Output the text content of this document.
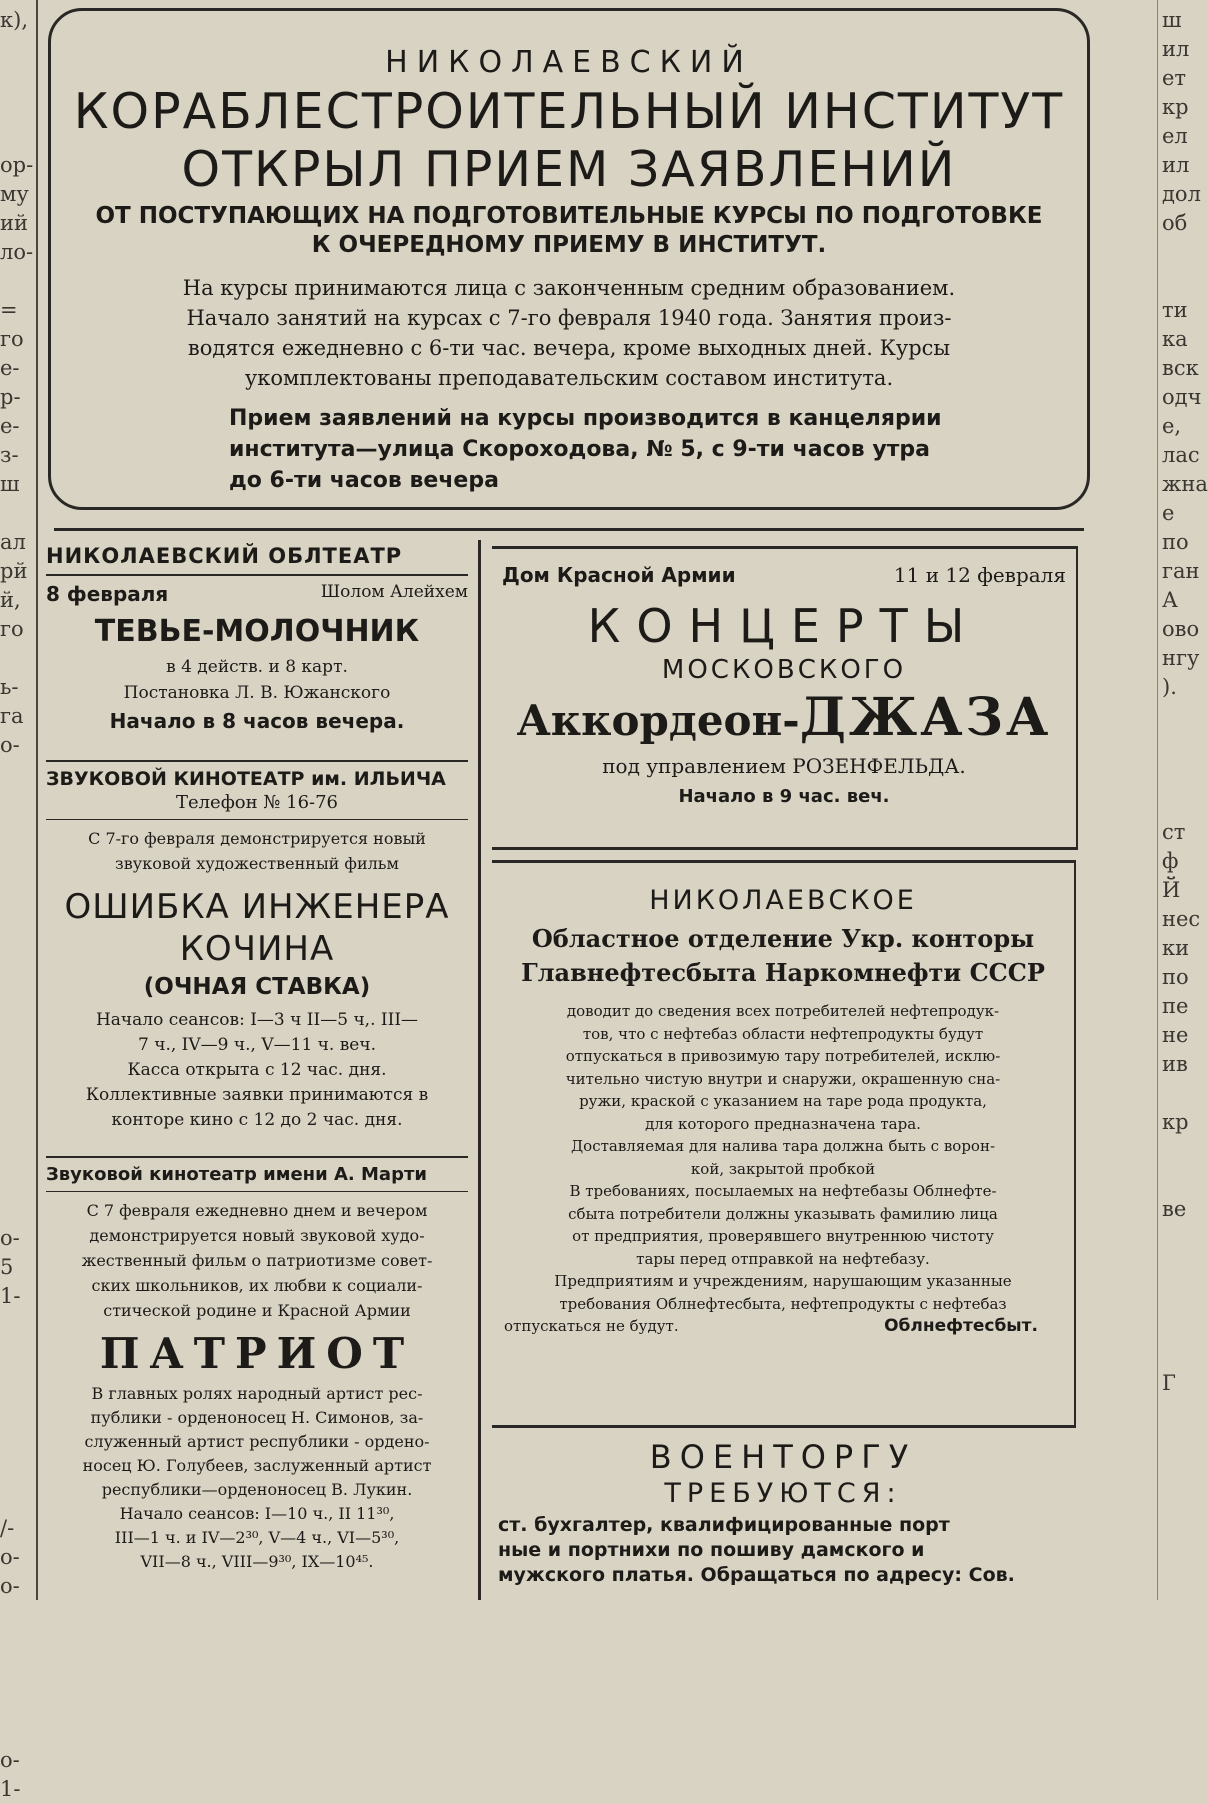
к),
ор-
му
ий
ло-
=
го
е-
р-
е-
з-
ш
ал
рй
й,
го
ь-
га
о-
о-
5
1-
/-
о-
о-
о-
1-
ш
ил
ет
кр
ел
ил
дол
об
ти
ка
вск
одч
е,
лас
жна
е
по
ган
А
ово
нгу
).
ст
ф
Й
нес
ки
по
пе
не
ив
кр
ве
Г
НИКОЛАЕВСКИЙ
КОРАБЛЕСТРОИТЕЛЬНЫЙ ИНСТИТУТ
ОТКРЫЛ ПРИЕМ ЗАЯВЛЕНИЙ
ОТ ПОСТУПАЮЩИХ НА ПОДГОТОВИТЕЛЬНЫЕ КУРСЫ ПО ПОДГОТОВКЕ
К ОЧЕРЕДНОМУ ПРИЕМУ В ИНСТИТУТ.

На курсы принимаются лица с законченным средним образованием.

Начало занятий на курсах с 7-го февраля 1940 года. Занятия произ-

водятся ежедневно с 6-ти час. вечера, кроме выходных дней. Курсы

укомплектованы преподавательским составом института.

Прием заявлений на курсы производится в канцелярии

института—улица Скороходова, № 5, с 9-ти часов утра

до 6-ти часов вечера

НИКОЛАЕВСКИЙ ОБЛТЕАТР
8 февраля	Шолом Алейхем
ТЕВЬЕ-МОЛОЧНИК
в 4 действ. и 8 карт.
Постановка Л. В. Южанского
Начало в 8 часов вечера.
ЗВУКОВОЙ КИНОТЕАТР им. ИЛЬИЧА
Телефон № 16-76

С 7-го февраля демонстрируется новый

звуковой художественный фильм

ОШИБКА ИНЖЕНЕРА

КОЧИНА

(ОЧНАЯ СТАВКА)

Начало сеансов: I—3 ч II—5 ч,. III—

7 ч., IV—9 ч., V—11 ч. веч.

Касса открыта с 12 час. дня.

Коллективные заявки принимаются в

конторе кино с 12 до 2 час. дня.

Звуковой кинотеатр имени А. Марти

С 7 февраля ежедневно днем и вечером

демонстрируется новый звуковой худо-

жественный фильм о патриотизме совет-

ских школьников, их любви к социали-

стической родине и Красной Армии

ПАТРИОТ

В главных ролях народный артист рес-

публики - орденоносец Н. Симонов, за-

служенный артист республики - ордено-

носец Ю. Голубеев, заслуженный артист

республики—орденоносец В. Лукин.

Начало сеансов: I—10 ч., II 11³⁰,

III—1 ч. и IV—2³⁰, V—4 ч., VI—5³⁰,

VII—8 ч., VIII—9³⁰, IX—10⁴⁵.

Дом Красной Армии	11 и 12 февраля
КОНЦЕРТЫ
МОСКОВСКОГО
Аккордеон-ДЖАЗА
под управлением РОЗЕНФЕЛЬДА.
Начало в 9 час. веч.
НИКОЛАЕВСКОЕ

Областное отделение Укр. конторы

Главнефтесбыта Наркомнефти СССР

доводит до сведения всех потребителей нефтепродук-

тов, что с нефтебаз области нефтепродукты будут

отпускаться в привозимую тару потребителей, исклю-

чительно чистую внутри и снаружи, окрашенную сна-

ружи, краской с указанием на таре рода продукта,

для которого предназначена тара.

Доставляемая для налива тара должна быть с ворон-

кой, закрытой пробкой

В требованиях, посылаемых на нефтебазы Облнефте-

сбыта потребители должны указывать фамилию лица

от предприятия, проверявшего внутреннюю чистоту

тары перед отправкой на нефтебазу.

Предприятиям и учреждениям, нарушающим указанные

требования Облнефтесбыта, нефтепродукты с нефтебаз

отпускаться не будут.	Облнефтесбыт.
ВОЕНТОРГУ
ТРЕБУЮТСЯ:

ст. бухгалтер, квалифицированные порт

ные и портнихи по пошиву дамского и

мужского платья. Обращаться по адресу: Сов.
